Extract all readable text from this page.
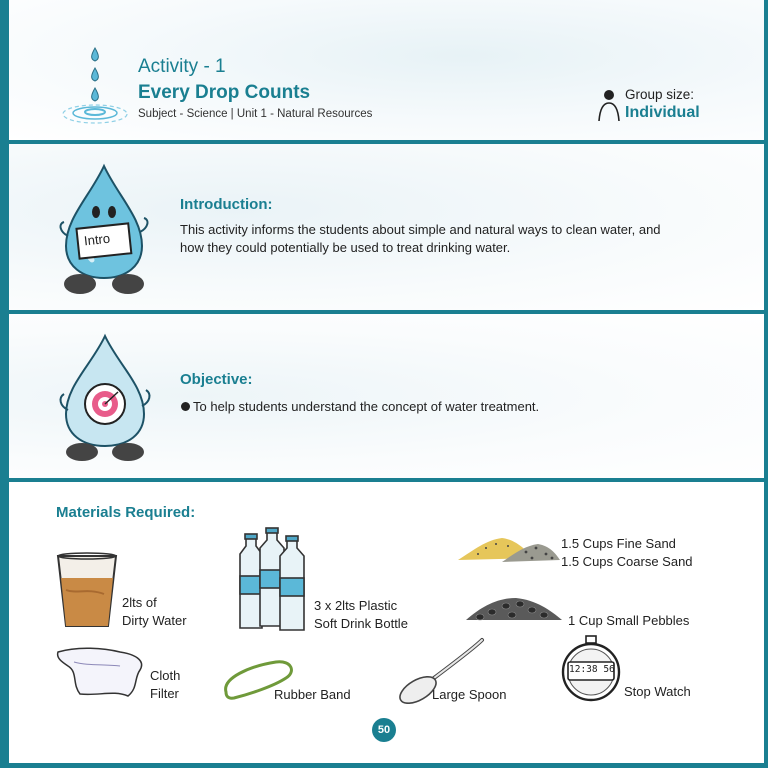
Activity - 1
Every Drop Counts
Subject - Science | Unit 1 - Natural Resources
Group size:
Individual
Intro
Introduction:
This activity informs the students about simple and natural ways to clean water, and
how they could potentially be used to treat drinking water.
Objective:
To help students understand the concept of water treatment.
Materials Required:
2lts of
Dirty Water
3 x 2lts Plastic
Soft Drink Bottle
1.5 Cups Fine Sand
1.5 Cups Coarse Sand
1 Cup Small Pebbles
Cloth
Filter	Rubber Band	Large Spoon
12:38 56
Stop Watch
50
